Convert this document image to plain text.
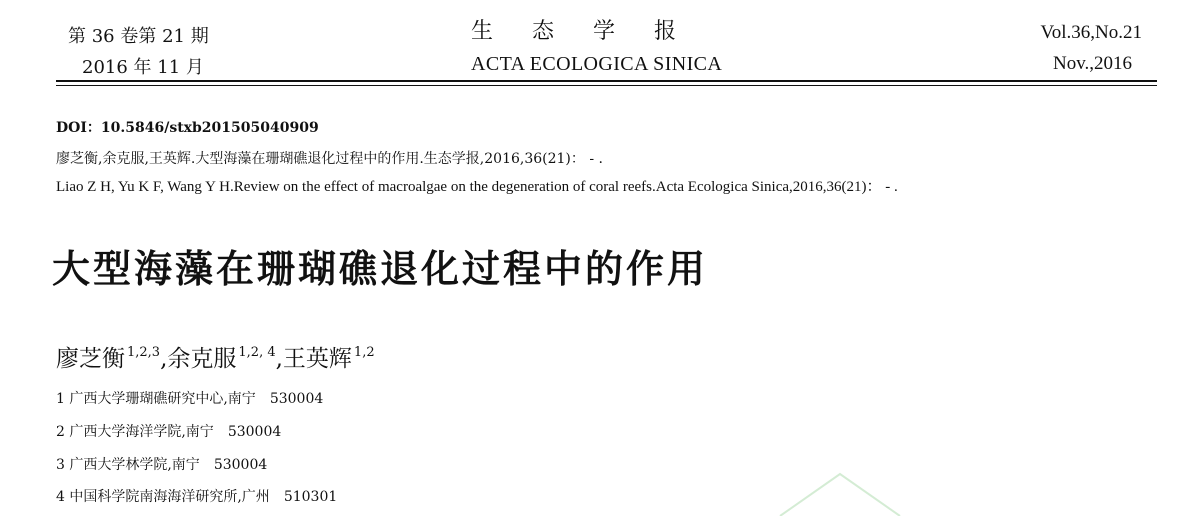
第 36 卷第 21 期
2016 年 11 月
生态学报
ACTA ECOLOGICA SINICA
Vol.36,No.21
Nov.,2016
DOI：10.5846/stxb201505040909
廖芝衡,余克服,王英辉.大型海藻在珊瑚礁退化过程中的作用.生态学报,2016,36(21)： - .
Liao Z H, Yu K F, Wang Y H.Review on the effect of macroalgae on the degeneration of coral reefs.Acta Ecologica Sinica,2016,36(21)： - .
大型海藻在珊瑚礁退化过程中的作用
廖芝衡 $^{1,2,3}$,余克服 $^{1,2, 4}$,王英辉 $^{1,2}$
1 广西大学珊瑚礁研究中心,南宁 530004
2 广西大学海洋学院,南宁 530004
3 广西大学林学院,南宁 530004
4 中国科学院南海海洋研究所,广州 510301
